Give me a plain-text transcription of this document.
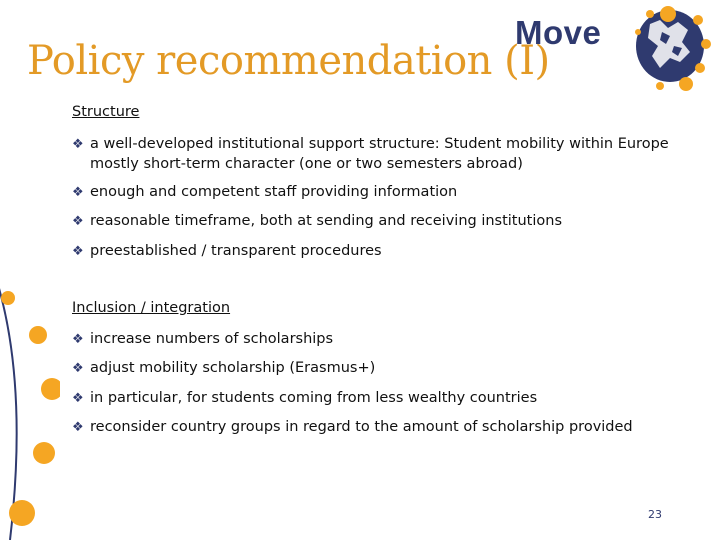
Policy recommendation (I)
Move
Structure
❖ a well-developed institutional support structure: Student mobility within Europe mostly short-term character (one or two semesters abroad)
❖ enough and competent staff providing information
❖ reasonable timeframe, both at sending and receiving institutions
❖ preestablished / transparent procedures
Inclusion / integration
❖ increase numbers of scholarships
❖ adjust mobility scholarship (Erasmus+)
❖ in particular, for students coming from less wealthy countries
❖ reconsider country groups in regard to the amount of scholarship provided
23
